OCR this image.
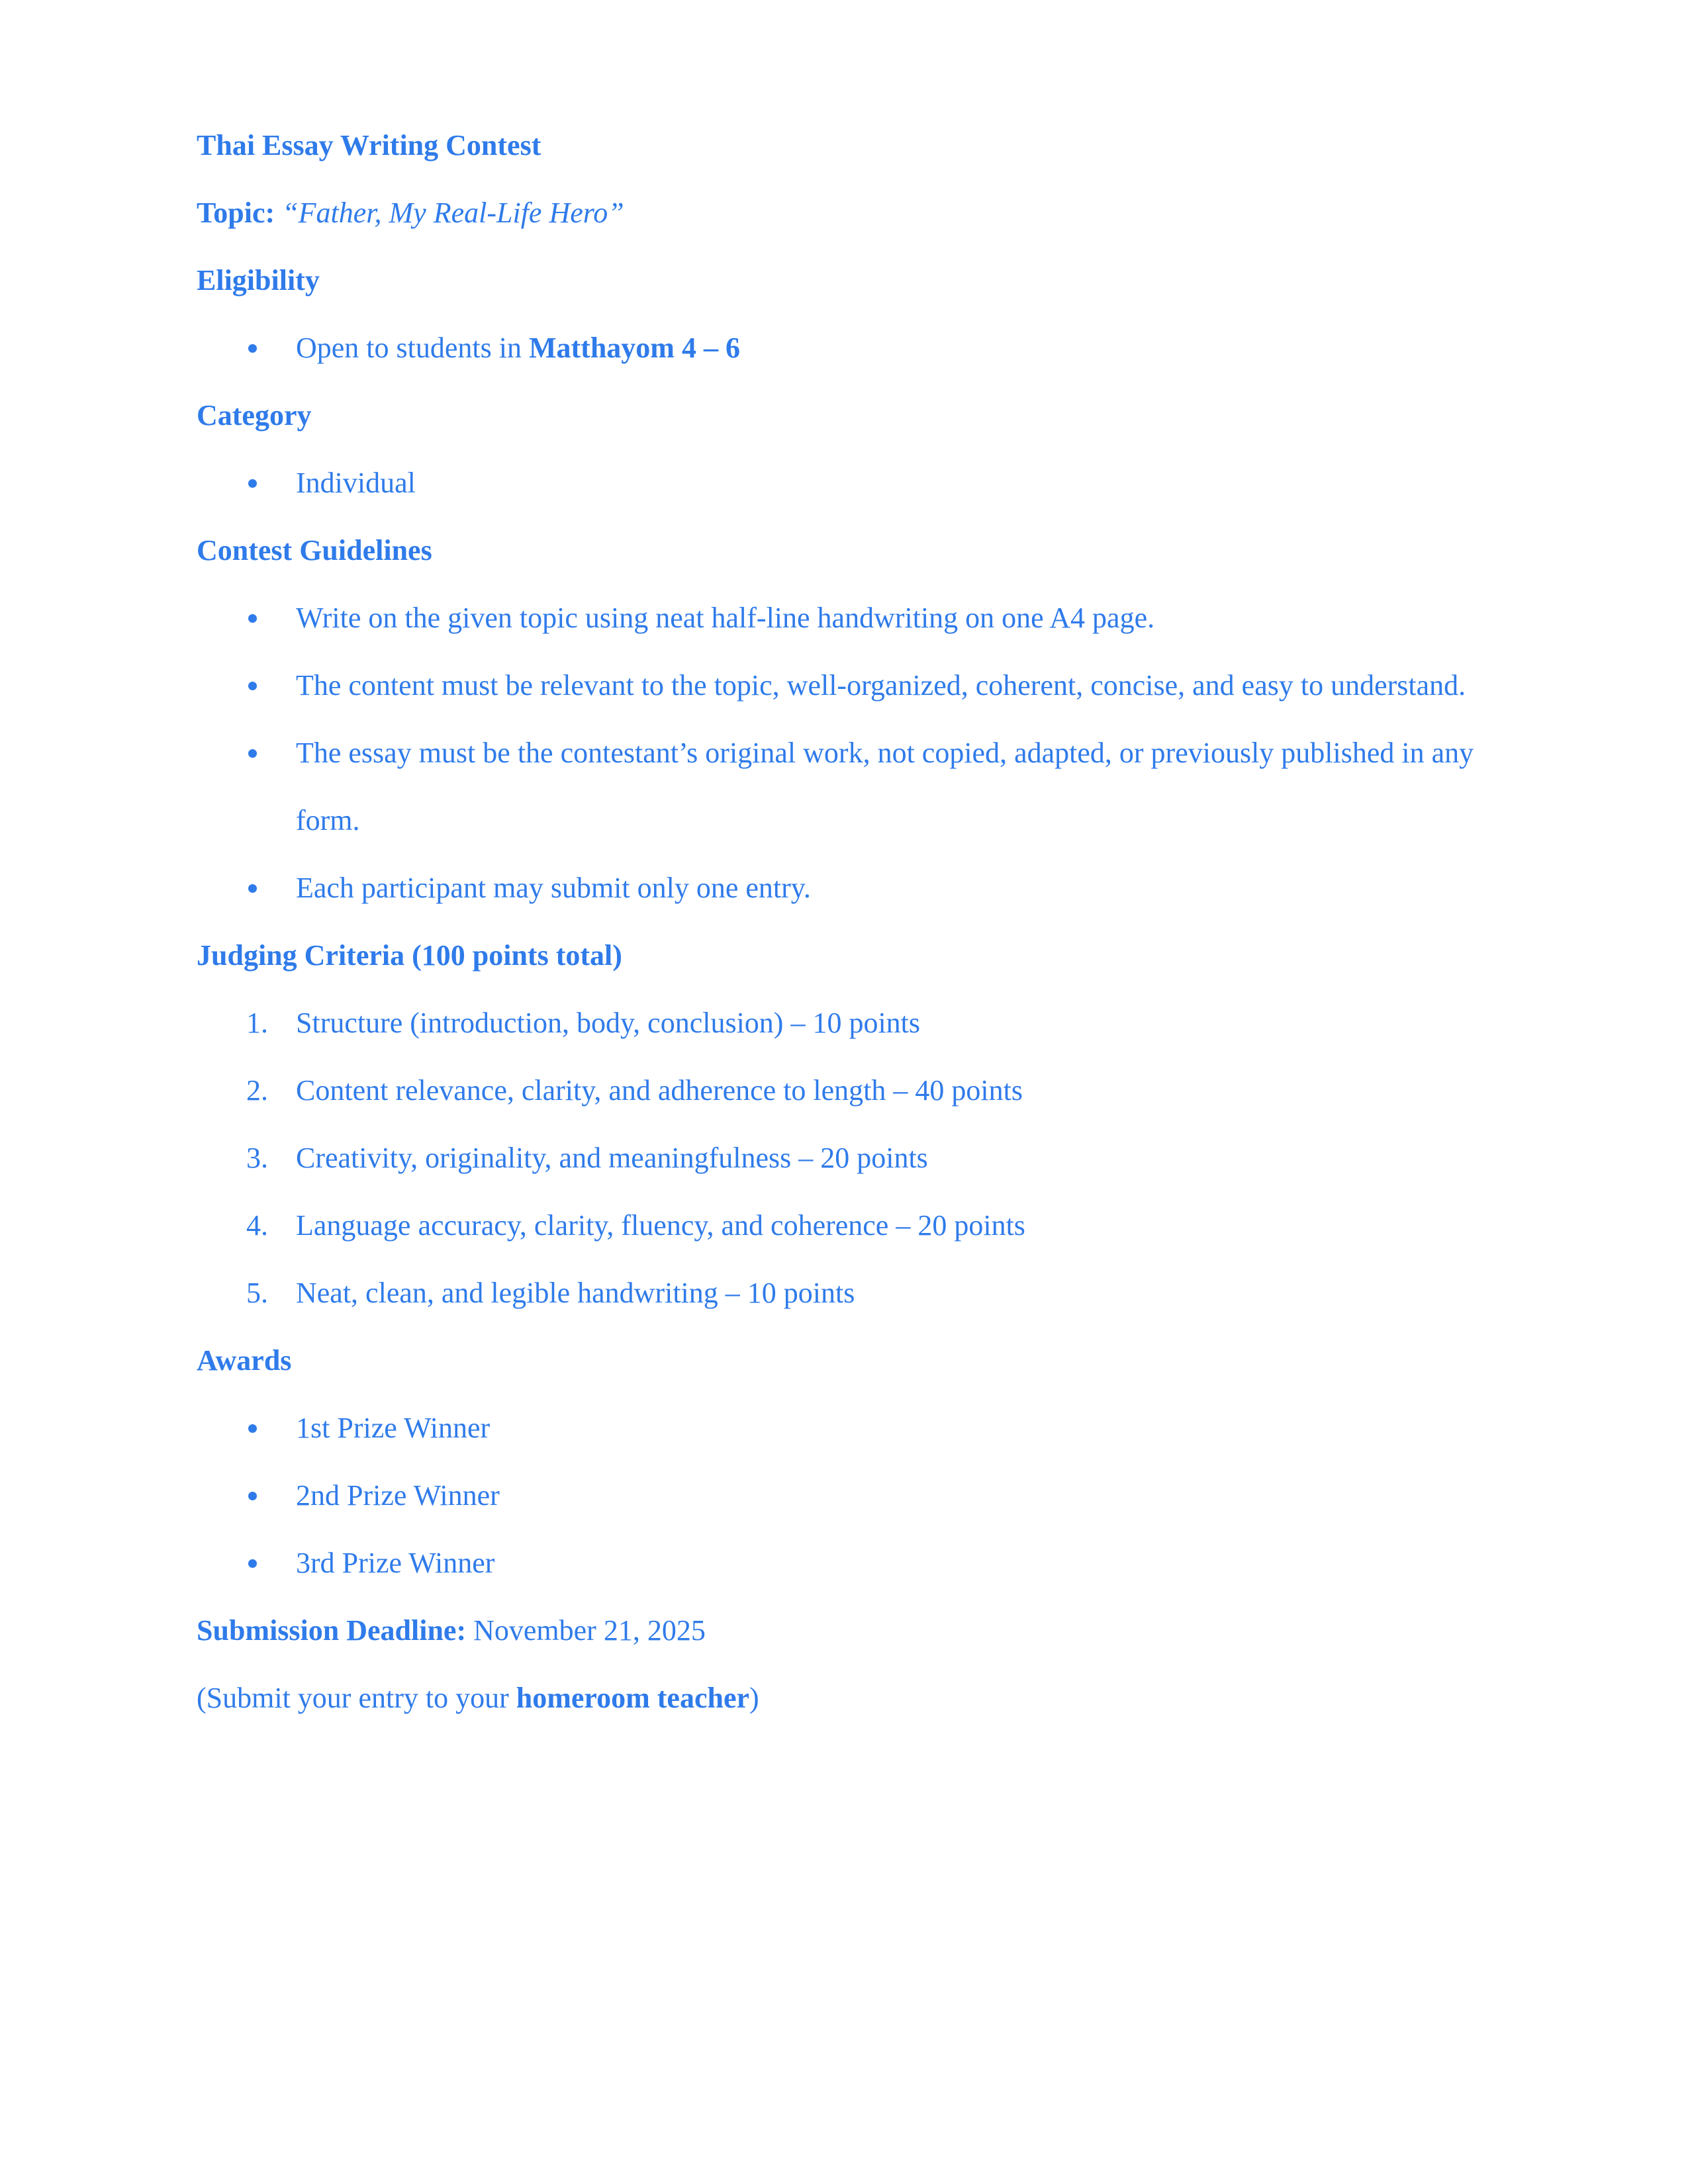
Thai Essay Writing Contest
Topic: “Father, My Real-Life Hero”
Eligibility
Open to students in Matthayom 4 – 6
Category
Individual
Contest Guidelines
Write on the given topic using neat half-line handwriting on one A4 page.
The content must be relevant to the topic, well-organized, coherent, concise, and easy to understand.
The essay must be the contestant’s original work, not copied, adapted, or previously published in any form.
Each participant may submit only one entry.
Judging Criteria (100 points total)
1. Structure (introduction, body, conclusion) – 10 points
2. Content relevance, clarity, and adherence to length – 40 points
3. Creativity, originality, and meaningfulness – 20 points
4. Language accuracy, clarity, fluency, and coherence – 20 points
5. Neat, clean, and legible handwriting – 10 points
Awards
1st Prize Winner
2nd Prize Winner
3rd Prize Winner
Submission Deadline: November 21, 2025
(Submit your entry to your homeroom teacher)
